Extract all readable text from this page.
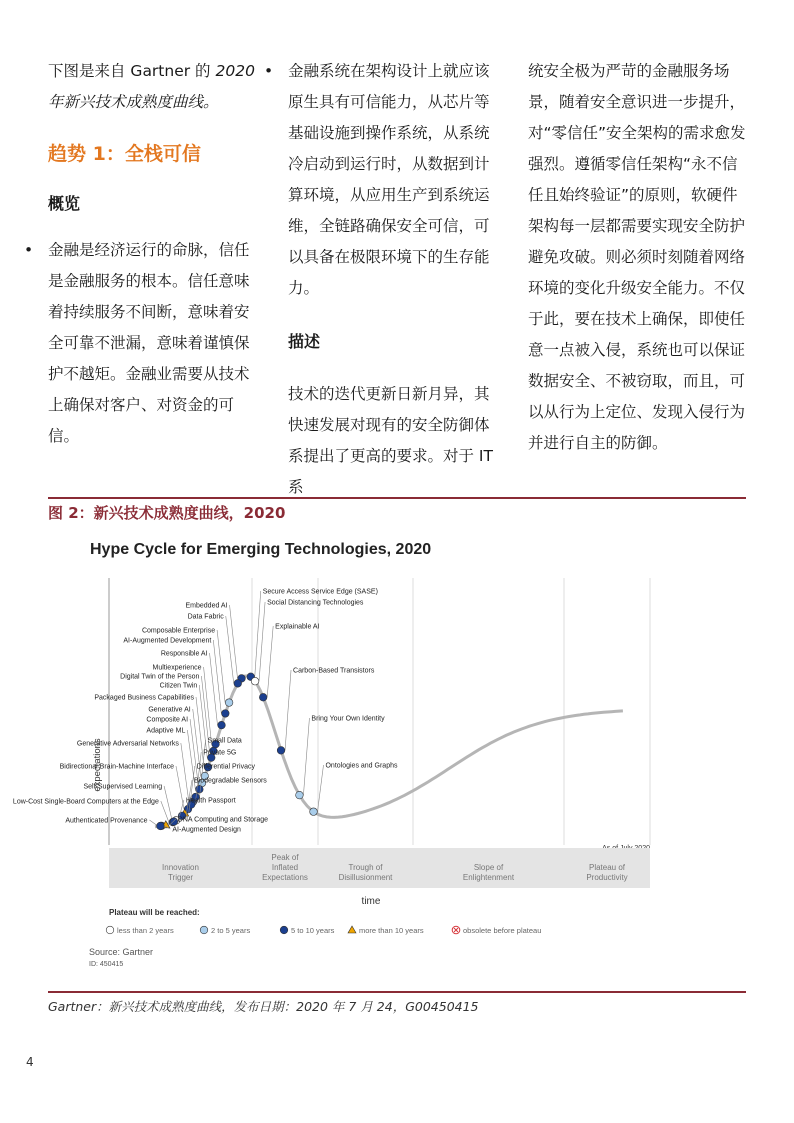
下图是来自 Gartner 的 2020 年新兴技术成熟度曲线。

趋势 1：全栈可信

概览

• 金融是经济运行的命脉，信任是金融服务的根本。信任意味着持续服务不间断，意味着安全可靠不泄漏，意味着谨慎保护不越矩。金融业需要从技术上确保对客户、对资金的可信。

• 金融系统在架构设计上就应该原生具有可信能力，从芯片等基础设施到操作系统，从系统冷启动到运行时，从数据到计算环境，从应用生产到系统运维，全链路确保安全可信，可以具备在极限环境下的生存能力。

描述

技术的迭代更新日新月异，其快速发展对现有的安全防御体系提出了更高的要求。对于 IT 系

统安全极为严苛的金融服务场景，随着安全意识进一步提升，对“零信任”安全架构的需求愈发强烈。遵循零信任架构“永不信任且始终验证”的原则，软硬件架构每一层都需要实现安全防护避免攻破。则必须时刻随着网络环境的变化升级安全能力。不仅于此，要在技术上确保，即使任意一点被入侵，系统也可以保证数据安全、不被窃取，而且，可以从行为上定位、发现入侵行为并进行自主的防御。

图 2：新兴技术成熟度曲线，2020
Hype Cycle for Emerging Technologies, 2020
expectations
time
Innovation Trigger
Peak of Inflated Expectations
Trough of Disillusionment
Slope of Enlightenment
Plateau of Productivity
Embedded AI
Data Fabric
Composable Enterprise
AI-Augmented Development
Responsible AI
Multiexperience
Digital Twin of the Person
Citizen Twin
Packaged Business Capabilities
Generative AI
Composite AI
Adaptive ML
Generative Adversarial Networks
Bidirectional Brain-Machine Interface
Self-Supervised Learning
Low-Cost Single-Board Computers at the Edge
Authenticated Provenance
Secure Access Service Edge (SASE)
Social Distancing Technologies
Explainable AI
Carbon-Based Transistors
Bring Your Own Identity
Ontologies and Graphs
Small Data
Private 5G
Differential Privacy
Biodegradable Sensors
Health Passport
DNA Computing and Storage
AI-Augmented Design
Plateau will be reached:
less than 2 years	2 to 5 years	5 to 10 years	more than 10 years	obsolete before plateau
Source: Gartner
ID: 450415
Gartner：新兴技术成熟度曲线，发布日期：2020 年 7 月 24，G00450415
4
